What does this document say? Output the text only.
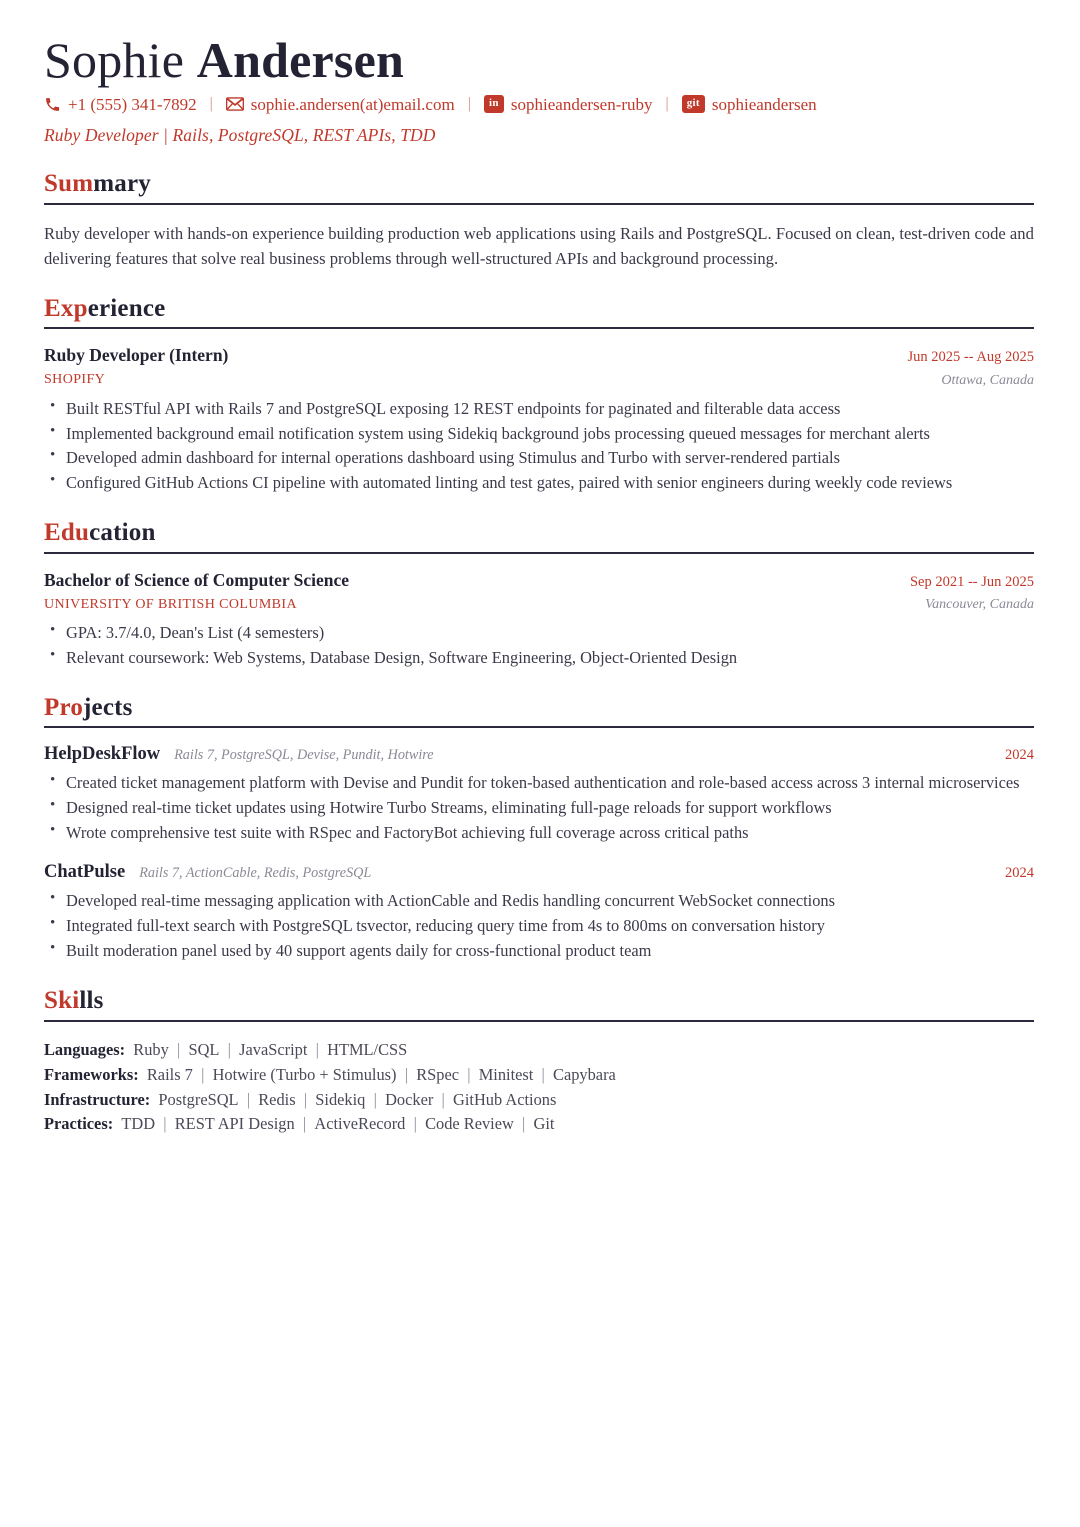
Sophie Andersen
+1 (555) 341-7892 |	sophie.andersen(at)email.com |	in sophieandersen-ruby |	git sophieandersen
Ruby Developer | Rails, PostgreSQL, REST APIs, TDD
Summary
Ruby developer with hands-on experience building production web applications using Rails and PostgreSQL. Focused on clean, test-driven code and delivering features that solve real business problems through well-structured APIs and background processing.
Experience
Ruby Developer (Intern)
SHOPIFY
Jun 2025 -- Aug 2025
Ottawa, Canada
• Built RESTful API with Rails 7 and PostgreSQL exposing 12 REST endpoints for paginated and filterable data access
• Implemented background email notification system using Sidekiq background jobs processing queued messages for merchant alerts
• Developed admin dashboard for internal operations dashboard using Stimulus and Turbo with server-rendered partials
• Configured GitHub Actions CI pipeline with automated linting and test gates, paired with senior engineers during weekly code reviews
Education
Bachelor of Science of Computer Science
UNIVERSITY OF BRITISH COLUMBIA
Sep 2021 -- Jun 2025
Vancouver, Canada
• GPA: 3.7/4.0, Dean's List (4 semesters)
• Relevant coursework: Web Systems, Database Design, Software Engineering, Object-Oriented Design
Projects
HelpDeskFlow Rails 7, PostgreSQL, Devise, Pundit, Hotwire	2024
• Created ticket management platform with Devise and Pundit for token-based authentication and role-based access across 3 internal microservices
• Designed real-time ticket updates using Hotwire Turbo Streams, eliminating full-page reloads for support workflows
• Wrote comprehensive test suite with RSpec and FactoryBot achieving full coverage across critical paths
ChatPulse Rails 7, ActionCable, Redis, PostgreSQL	2024
• Developed real-time messaging application with ActionCable and Redis handling concurrent WebSocket connections
• Integrated full-text search with PostgreSQL tsvector, reducing query time from 4s to 800ms on conversation history
• Built moderation panel used by 40 support agents daily for cross-functional product team
Skills
Languages:  Ruby  |  SQL  |  JavaScript  |  HTML/CSS
Frameworks:  Rails 7  |  Hotwire (Turbo + Stimulus)  |  RSpec  |  Minitest  |  Capybara
Infrastructure:  PostgreSQL  |  Redis  |  Sidekiq  |  Docker  |  GitHub Actions
Practices:  TDD  |  REST API Design  |  ActiveRecord  |  Code Review  |  Git
